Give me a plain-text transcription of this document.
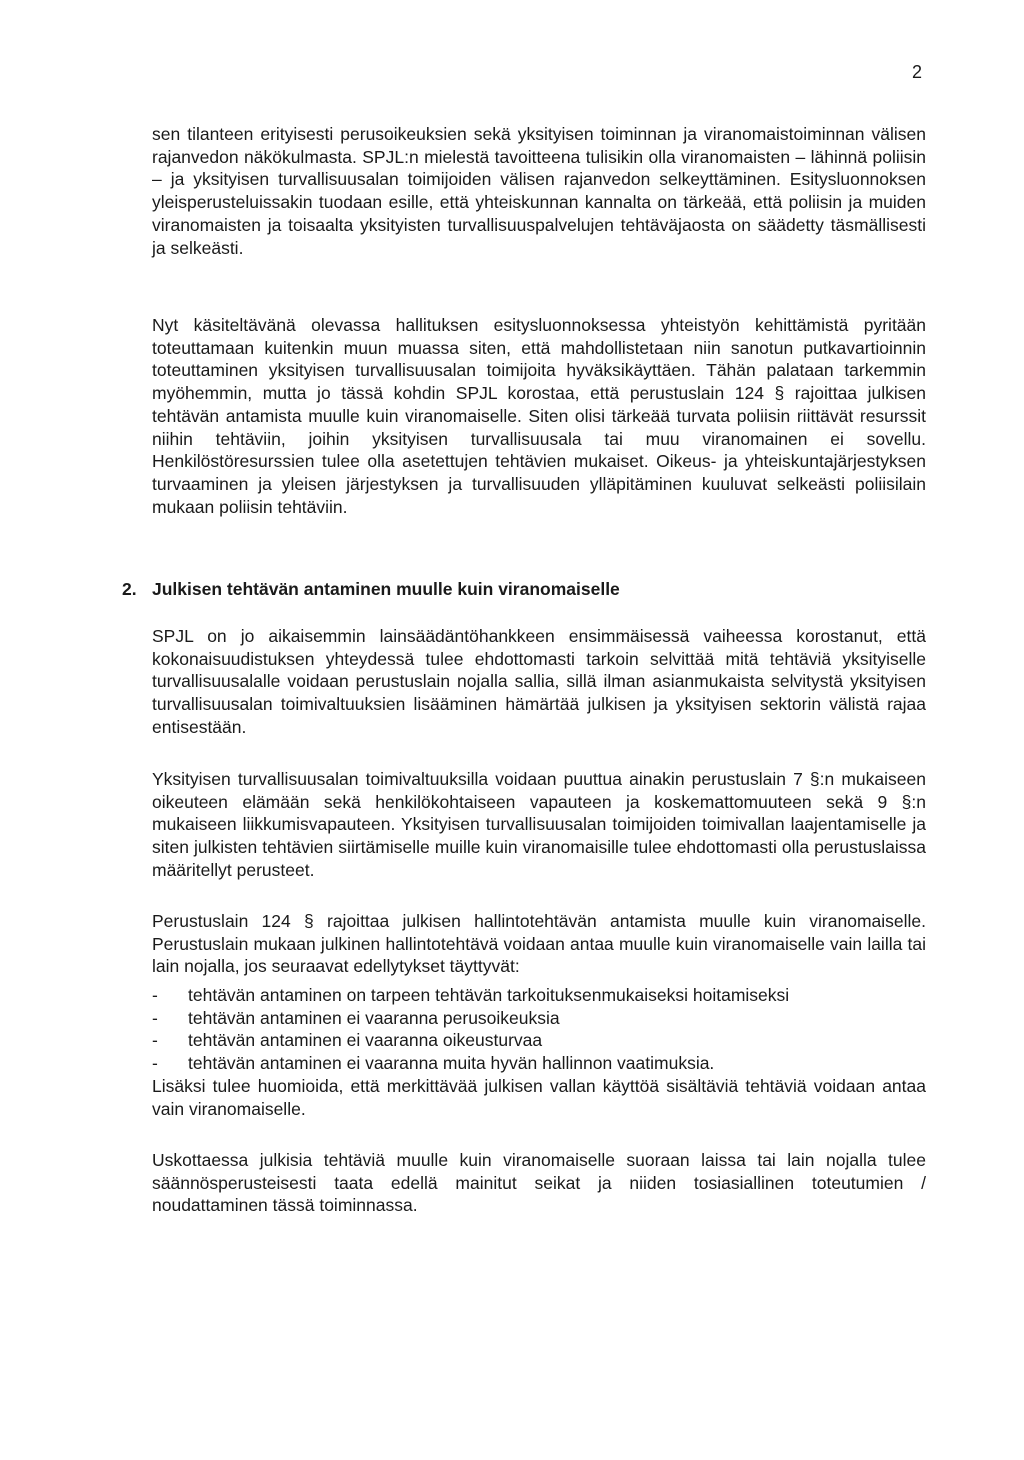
2

sen tilanteen erityisesti perusoikeuksien sekä yksityisen toiminnan ja viranomaistoiminnan välisen rajanvedon näkökulmasta. SPJL:n mielestä tavoitteena tulisikin olla viranomaisten – lähinnä poliisin – ja yksityisen turvallisuusalan toimijoiden välisen rajanvedon selkeyttäminen. Esitysluonnoksen yleisperusteluissakin tuodaan esille, että yhteiskunnan kannalta on tärkeää, että poliisin ja muiden viranomaisten ja toisaalta yksityisten turvallisuuspalvelujen tehtäväjaosta on säädetty täsmällisesti ja selkeästi.

Nyt käsiteltävänä olevassa hallituksen esitysluonnoksessa yhteistyön kehittämistä pyritään toteuttamaan kuitenkin muun muassa siten, että mahdollistetaan niin sanotun putkavartioinnin toteuttaminen yksityisen turvallisuusalan toimijoita hyväksikäyttäen. Tähän palataan tarkemmin myöhemmin, mutta jo tässä kohdin SPJL korostaa, että perustuslain 124 § rajoittaa julkisen tehtävän antamista muulle kuin viranomaiselle. Siten olisi tärkeää turvata poliisin riittävät resurssit niihin tehtäviin, joihin yksityisen turvallisuusala tai muu viranomainen ei sovellu. Henkilöstöresurssien tulee olla asetettujen tehtävien mukaiset. Oikeus- ja yhteiskuntajärjestyksen turvaaminen ja yleisen järjestyksen ja turvallisuuden ylläpitäminen kuuluvat selkeästi poliisilain mukaan poliisin tehtäviin.

2. Julkisen tehtävän antaminen muulle kuin viranomaiselle

SPJL on jo aikaisemmin lainsäädäntöhankkeen ensimmäisessä vaiheessa korostanut, että kokonaisuudistuksen yhteydessä tulee ehdottomasti tarkoin selvittää mitä tehtäviä yksityiselle turvallisuusalalle voidaan perustuslain nojalla sallia, sillä ilman asianmukaista selvitystä yksityisen turvallisuusalan toimivaltuuksien lisääminen hämärtää julkisen ja yksityisen sektorin välistä rajaa entisestään.

Yksityisen turvallisuusalan toimivaltuuksilla voidaan puuttua ainakin perustuslain 7 §:n mukaiseen oikeuteen elämään sekä henkilökohtaiseen vapauteen ja koskemattomuuteen sekä 9 §:n mukaiseen liikkumisvapauteen. Yksityisen turvallisuusalan toimijoiden toimivallan laajentamiselle ja siten julkisten tehtävien siirtämiselle muille kuin viranomaisille tulee ehdottomasti olla perustuslaissa määritellyt perusteet.

Perustuslain 124 § rajoittaa julkisen hallintotehtävän antamista muulle kuin viranomaiselle. Perustuslain mukaan julkinen hallintotehtävä voidaan antaa muulle kuin viranomaiselle vain lailla tai lain nojalla, jos seuraavat edellytykset täyttyvät:

- tehtävän antaminen on tarpeen tehtävän tarkoituksenmukaiseksi hoitamiseksi
- tehtävän antaminen ei vaaranna perusoikeuksia
- tehtävän antaminen ei vaaranna oikeusturvaa
- tehtävän antaminen ei vaaranna muita hyvän hallinnon vaatimuksia.

Lisäksi tulee huomioida, että merkittävää julkisen vallan käyttöä sisältäviä tehtäviä voidaan antaa vain viranomaiselle.

Uskottaessa julkisia tehtäviä muulle kuin viranomaiselle suoraan laissa tai lain nojalla tulee säännösperusteisesti taata edellä mainitut seikat ja niiden tosiasiallinen toteutumien / noudattaminen tässä toiminnassa.
